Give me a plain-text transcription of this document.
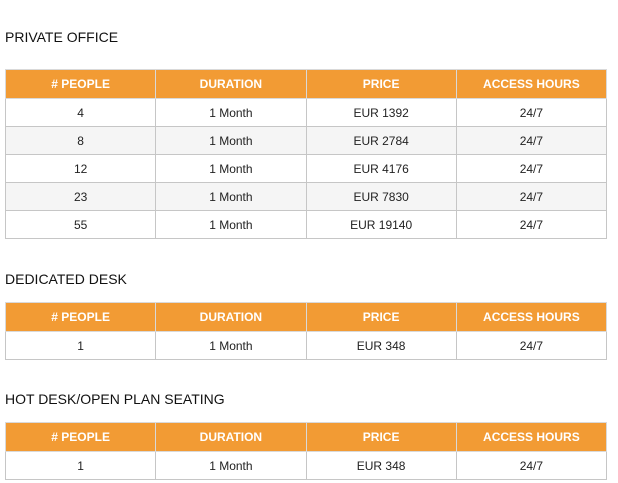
PRIVATE OFFICE
# PEOPLE	DURATION	PRICE	ACCESS HOURS
4	1 Month	EUR 1392	24/7
8	1 Month	EUR 2784	24/7
12	1 Month	EUR 4176	24/7
23	1 Month	EUR 7830	24/7
55	1 Month	EUR 19140	24/7
DEDICATED DESK
# PEOPLE	DURATION	PRICE	ACCESS HOURS
1	1 Month	EUR 348	24/7
HOT DESK/OPEN PLAN SEATING
# PEOPLE	DURATION	PRICE	ACCESS HOURS
1	1 Month	EUR 348	24/7
